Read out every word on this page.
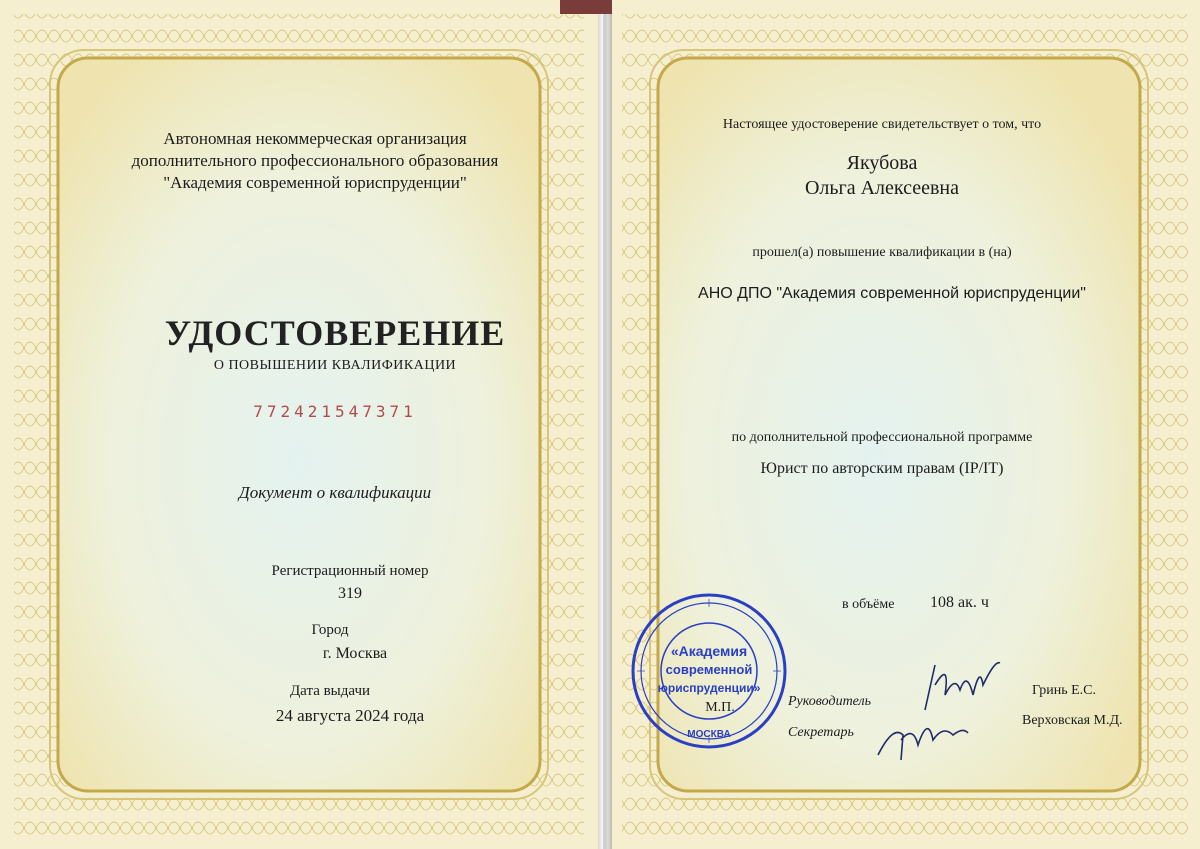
Автономная некоммерческая организация дополнительного профессионального образования "Академия современной юриспруденции"
УДОСТОВЕРЕНИЕ
О ПОВЫШЕНИИ КВАЛИФИКАЦИИ
772421547371
Документ о квалификации
Регистрационный номер
319
Город
г. Москва
Дата выдачи
24 августа 2024 года
Настоящее удостоверение свидетельствует о том, что
Якубова
Ольга Алексеевна
прошел(а) повышение квалификации в (на)
АНО ДПО "Академия современной юриспруденции"
по дополнительной профессиональной программе
Юрист по авторским правам (IP/IT)
в объёме	108 ак. ч
Руководитель
Секретарь
Гринь Е.С.
Верховская М.Д.
М.П.
«Академия
современной
юриспруденции»
МОСКВА
